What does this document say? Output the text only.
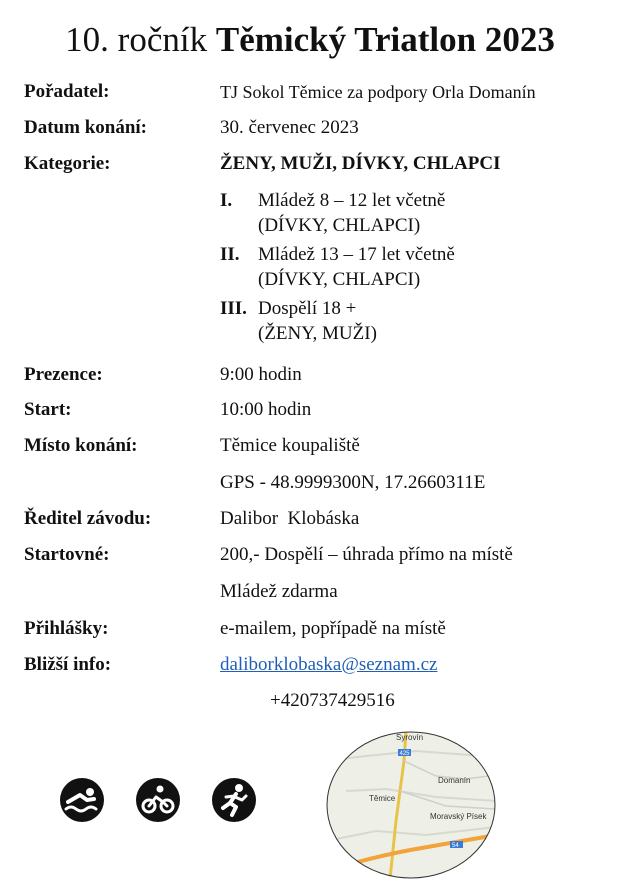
10. ročník Těmický Triatlon 2023
Pořadatel:	TJ Sokol Těmice za podpory Orla Domanín
Datum konání:	30. červenec 2023
Kategorie:	ŽENY, MUŽI, DÍVKY, CHLAPCI
I. Mládež 8 – 12 let včetně
(DÍVKY, CHLAPCI)
II. Mládež 13 – 17 let včetně
(DÍVKY, CHLAPCI)
III. Dospělí 18 +
(ŽENY, MUŽI)
Prezence:	9:00 hodin
Start:	10:00 hodin
Místo konání:	Těmice koupaliště
GPS - 48.9999300N, 17.2660311E
Ředitel závodu:	Dalibor  Klobáska
Startovné:	200,- Dospělí – úhrada přímo na místě
Mládež zdarma
Přihlášky:	e-mailem, popřípadě na místě
Bližší info:	daliborklobaska@seznam.cz
+420737429516
Syrovín
Těmice
Domanín
Moravský Písek
425
54
